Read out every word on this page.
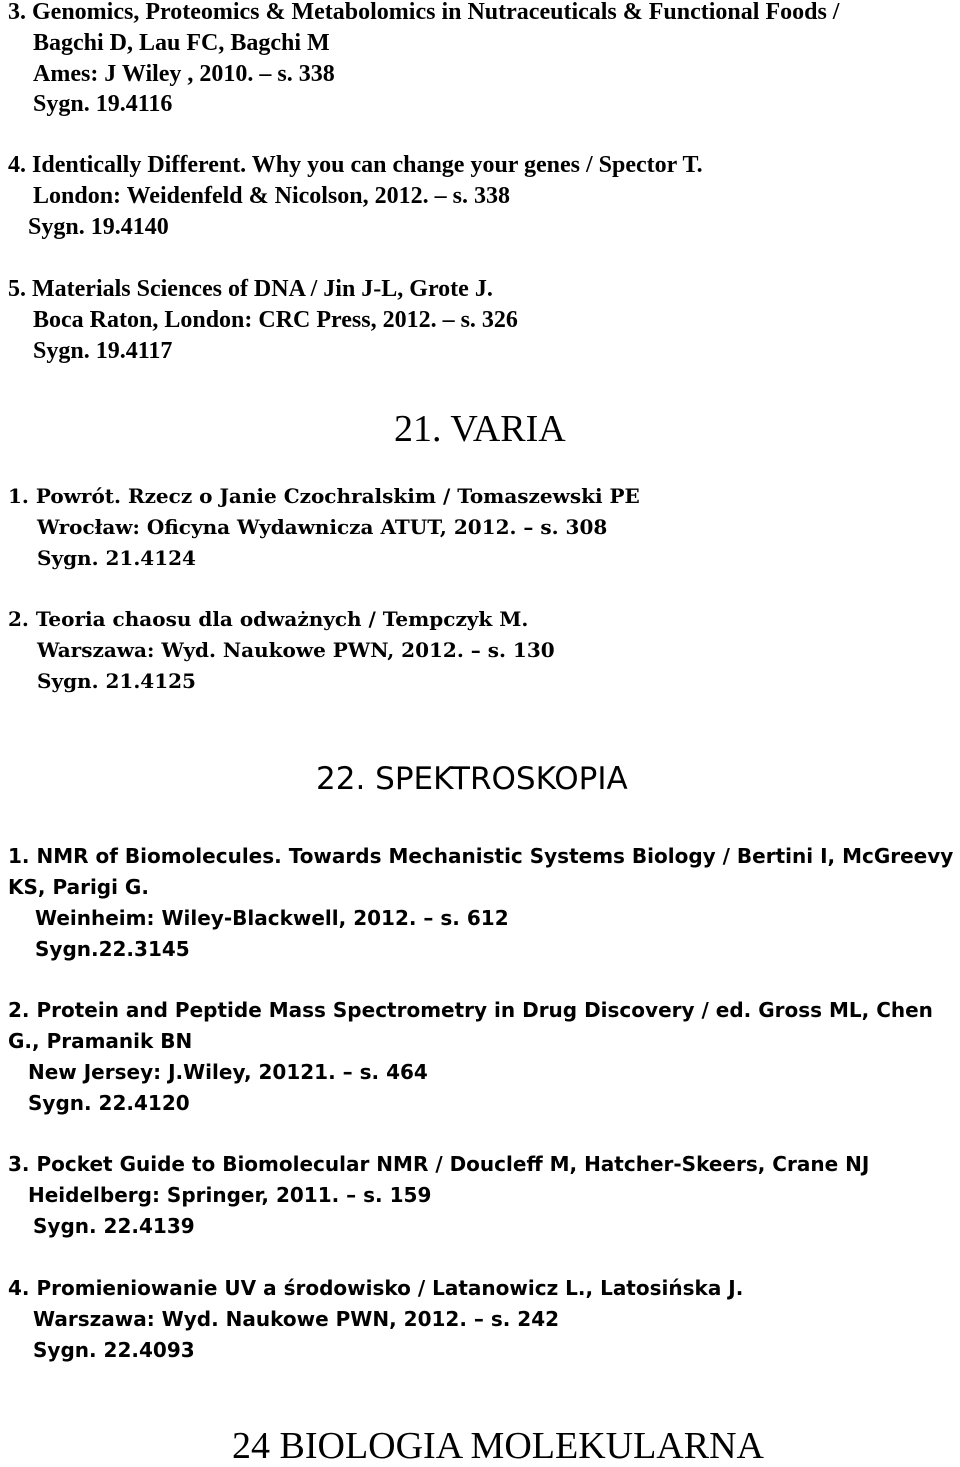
3. Genomics, Proteomics & Metabolomics in Nutraceuticals & Functional Foods /
Bagchi D, Lau FC, Bagchi M
Ames: J Wiley , 2010. – s. 338
Sygn. 19.4116
4. Identically Different. Why you can change your genes / Spector T.
London: Weidenfeld & Nicolson, 2012. – s. 338
Sygn. 19.4140
5. Materials Sciences of DNA / Jin J-L, Grote J.
Boca Raton, London: CRC Press, 2012. – s. 326
Sygn. 19.4117
21. VARIA
1. Powrót. Rzecz o Janie Czochralskim / Tomaszewski PE
Wrocław: Oficyna Wydawnicza ATUT, 2012. – s. 308
Sygn. 21.4124
2. Teoria chaosu dla odważnych / Tempczyk M.
Warszawa: Wyd. Naukowe PWN, 2012. – s. 130
Sygn. 21.4125
22. SPEKTROSKOPIA
1. NMR of Biomolecules. Towards Mechanistic Systems Biology / Bertini I, McGreevy
KS, Parigi G.
Weinheim: Wiley-Blackwell, 2012. – s. 612
Sygn.22.3145
2. Protein and Peptide Mass Spectrometry in Drug Discovery / ed. Gross ML, Chen
G., Pramanik BN
New Jersey: J.Wiley, 20121. – s. 464
Sygn. 22.4120
3. Pocket Guide to Biomolecular NMR / Doucleff M, Hatcher-Skeers, Crane NJ
Heidelberg: Springer, 2011. – s. 159
Sygn. 22.4139
4. Promieniowanie UV a środowisko / Latanowicz L., Latosińska J.
Warszawa: Wyd. Naukowe PWN, 2012. – s. 242
Sygn. 22.4093
24 BIOLOGIA MOLEKULARNA
